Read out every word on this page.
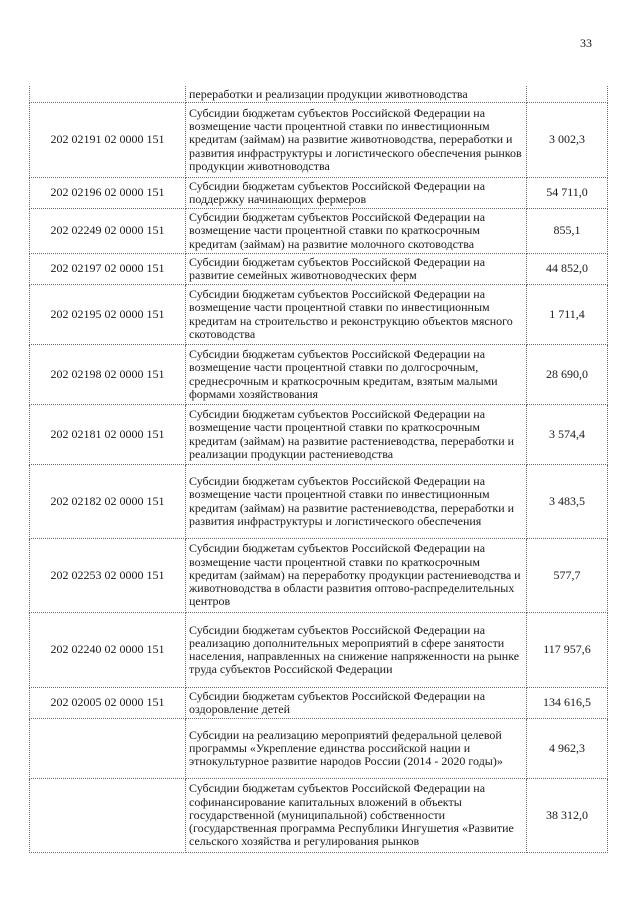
33

	переработки и реализации продукции животноводства	

202 02191 02 0000 151	Субсидии бюджетам субъектов Российской Федерации на возмещение части процентной ставки по инвестиционным кредитам (займам) на развитие животноводства, переработки и развития инфраструктуры и логистического обеспечения рынков продукции животноводства	3 002,3
202 02196 02 0000 151	Субсидии бюджетам субъектов Российской Федерации на поддержку начинающих фермеров	54 711,0
202 02249 02 0000 151	Субсидии бюджетам субъектов Российской Федерации на возмещение части процентной ставки по краткосрочным кредитам (займам) на развитие молочного скотоводства	855,1
202 02197 02 0000 151	Субсидии бюджетам субъектов Российской Федерации на развитие семейных животноводческих ферм	44 852,0
202 02195 02 0000 151	Субсидии бюджетам субъектов Российской Федерации на возмещение части процентной ставки по инвестиционным кредитам на строительство и реконструкцию объектов мясного скотоводства	1 711,4
202 02198 02 0000 151	Субсидии бюджетам субъектов Российской Федерации на возмещение части процентной ставки по долгосрочным, среднесрочным и краткосрочным кредитам, взятым малыми формами хозяйствования	28 690,0
202 02181 02 0000 151	Субсидии бюджетам субъектов Российской Федерации на возмещение части процентной ставки по краткосрочным кредитам (займам) на развитие растениеводства, переработки и реализации продукции растениеводства	3 574,4
202 02182 02 0000 151	Субсидии бюджетам субъектов Российской Федерации на возмещение части процентной ставки по инвестиционным кредитам (займам) на развитие растениеводства, переработки и развития инфраструктуры и логистического обеспечения	3 483,5
202 02253 02 0000 151	Субсидии бюджетам субъектов Российской Федерации на возмещение части процентной ставки по краткосрочным кредитам (займам) на переработку продукции растениеводства и животноводства в области развития оптово-распределительных центров	577,7
202 02240 02 0000 151	Субсидии бюджетам субъектов Российской Федерации на реализацию дополнительных мероприятий в сфере занятости населения, направленных на снижение напряженности на рынке труда субъектов Российской Федерации	117 957,6
202 02005 02 0000 151	Субсидии бюджетам субъектов Российской Федерации на оздоровление детей	134 616,5

	Субсидии на реализацию мероприятий федеральной целевой программы «Укрепление единства российской нации и этнокультурное развитие народов России (2014 - 2020 годы)»	4 962,3

	Субсидии бюджетам субъектов Российской Федерации на софинансирование капитальных вложений в объекты государственной (муниципальной) собственности (государственная программа Республики Ингушетия «Развитие сельского хозяйства и регулирования рынков	38 312,0
